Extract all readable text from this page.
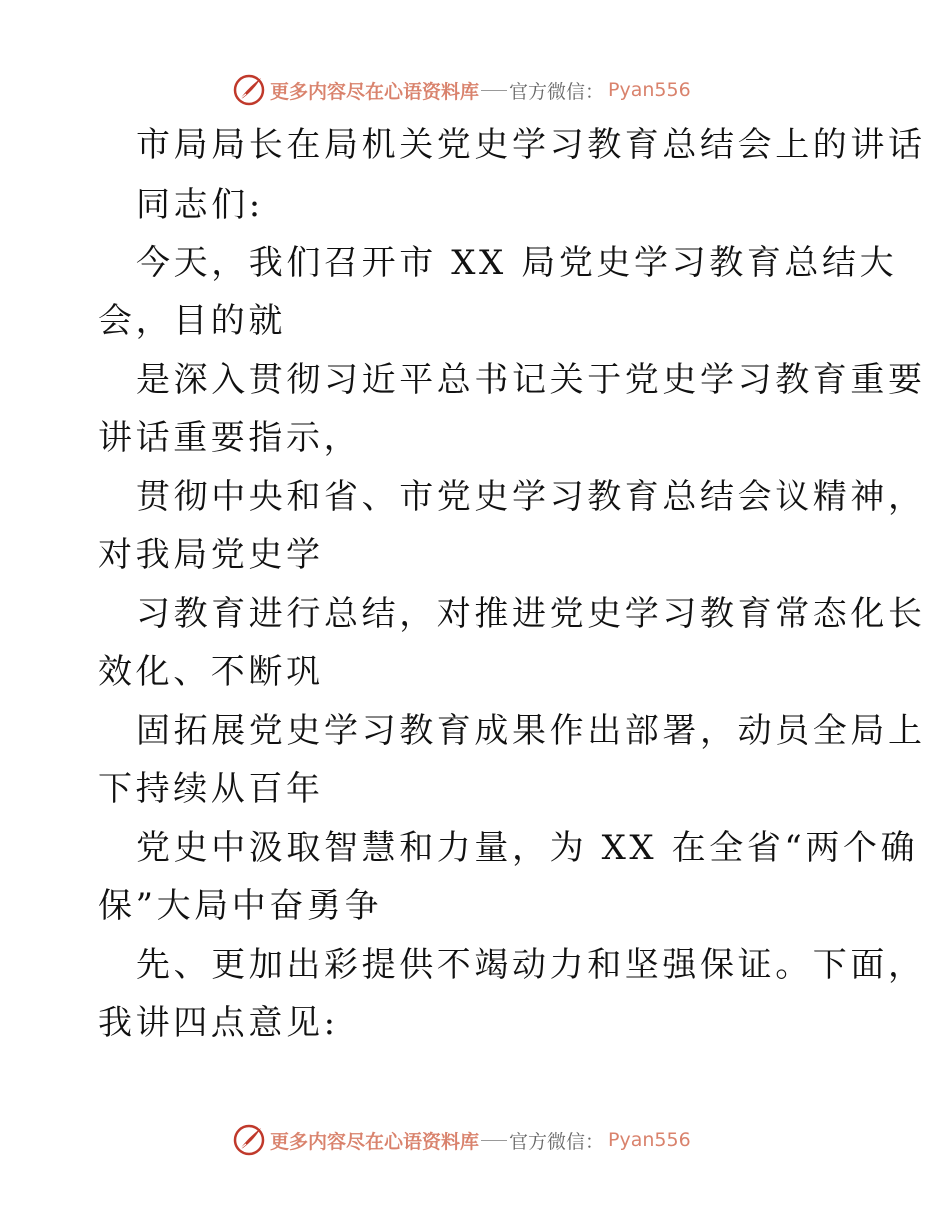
更多内容尽在心语资料库 官方微信： Pyan556
市局局长在局机关党史学习教育总结会上的讲话
同志们:
今天，我们召开市 XX 局党史学习教育总结大
会，目的就
是深入贯彻习近平总书记关于党史学习教育重要
讲话重要指示，
贯彻中央和省、市党史学习教育总结会议精神，
对我局党史学
习教育进行总结，对推进党史学习教育常态化长
效化、不断巩
固拓展党史学习教育成果作出部署，动员全局上
下持续从百年
党史中汲取智慧和力量，为 XX 在全省“两个确
保”大局中奋勇争
先、更加出彩提供不竭动力和坚强保证。下面，
我讲四点意见:
更多内容尽在心语资料库 官方微信： Pyan556
